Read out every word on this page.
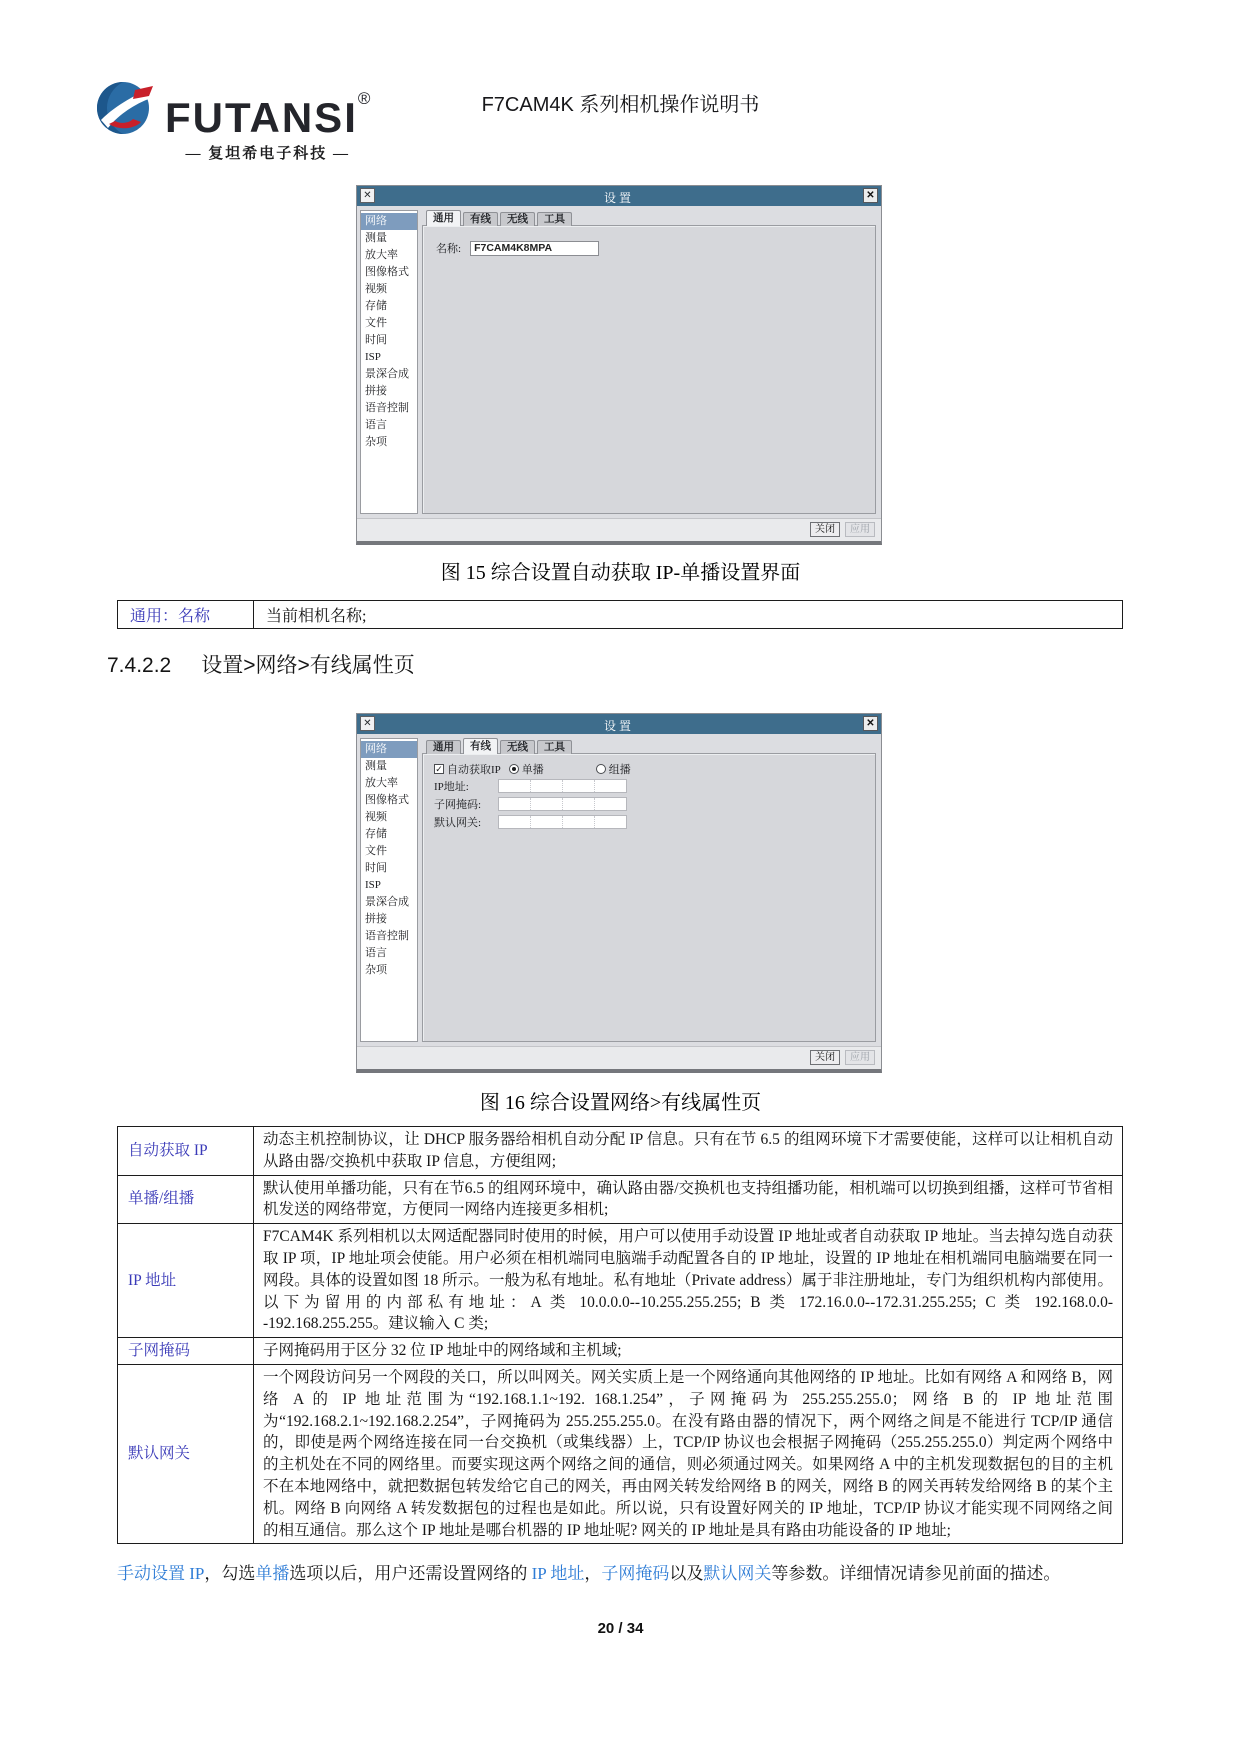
FUTANSI®
— 复坦希电子科技 —
F7CAM4K 系列相机操作说明书
✕	设置	✕
网络
测量
放大率
图像格式
视频
存储
文件
时间
ISP
景深合成
拼接
语音控制
语言
杂项
通用	有线	无线	工具
名称:
F7CAM4K8MPA
关闭	应用
图 15 综合设置自动获取 IP-单播设置界面
通用：名称	当前相机名称;
7.4.2.2 设置>网络>有线属性页
✕	设置	✕
网络
测量
放大率
图像格式
视频
存储
文件
时间
ISP
景深合成
拼接
语音控制
语言
杂项
通用	有线	无线	工具
✓ 自动获取IP 单播	组播
IP地址:
子网掩码:
默认网关:
关闭	应用
图 16 综合设置网络>有线属性页
自动获取 IP	动态主机控制协议，让 DHCP 服务器给相机自动分配 IP 信息。只有在节 6.5 的组网环境下才需要使能，这样可以让相机自动从路由器/交换机中获取 IP 信息，方便组网;
单播/组播	默认使用单播功能，只有在节6.5 的组网环境中，确认路由器/交换机也支持组播功能，相机端可以切换到组播，这样可节省相机发送的网络带宽，方便同一网络内连接更多相机;
IP 地址	F7CAM4K 系列相机以太网适配器同时使用的时候，用户可以使用手动设置 IP 地址或者自动获取 IP 地址。当去掉勾选自动获取 IP 项，IP 地址项会使能。用户必须在相机端同电脑端手动配置各自的 IP 地址，设置的 IP 地址在相机端同电脑端要在同一网段。具体的设置如图 18 所示。一般为私有地址。私有地址（Private address）属于非注册地址，专门为组织机构内部使用。以下为留用的内部私有地址：A 类 10.0.0.0--10.255.255.255; B 类 172.16.0.0--172.31.255.255; C 类 192.168.0.0--192.168.255.255。建议输入 C 类;
子网掩码	子网掩码用于区分 32 位 IP 地址中的网络域和主机域;
默认网关	一个网段访问另一个网段的关口，所以叫网关。网关实质上是一个网络通向其他网络的 IP 地址。比如有网络 A 和网络 B，网络 A 的 IP 地址范围为“192.168.1.1~192. 168.1.254”，子网掩码为 255.255.255.0；网络 B 的 IP 地址范围为“192.168.2.1~192.168.2.254”，子网掩码为 255.255.255.0。在没有路由器的情况下，两个网络之间是不能进行 TCP/IP 通信的，即使是两个网络连接在同一台交换机（或集线器）上，TCP/IP 协议也会根据子网掩码（255.255.255.0）判定两个网络中的主机处在不同的网络里。而要实现这两个网络之间的通信，则必须通过网关。如果网络 A 中的主机发现数据包的目的主机不在本地网络中，就把数据包转发给它自己的网关，再由网关转发给网络 B 的网关，网络 B 的网关再转发给网络 B 的某个主机。网络 B 向网络 A 转发数据包的过程也是如此。所以说，只有设置好网关的 IP 地址，TCP/IP 协议才能实现不同网络之间的相互通信。那么这个 IP 地址是哪台机器的 IP 地址呢? 网关的 IP 地址是具有路由功能设备的 IP 地址;
手动设置 IP，勾选单播选项以后，用户还需设置网络的 IP 地址，子网掩码以及默认网关等参数。详细情况请参见前面的描述。
20 / 34
